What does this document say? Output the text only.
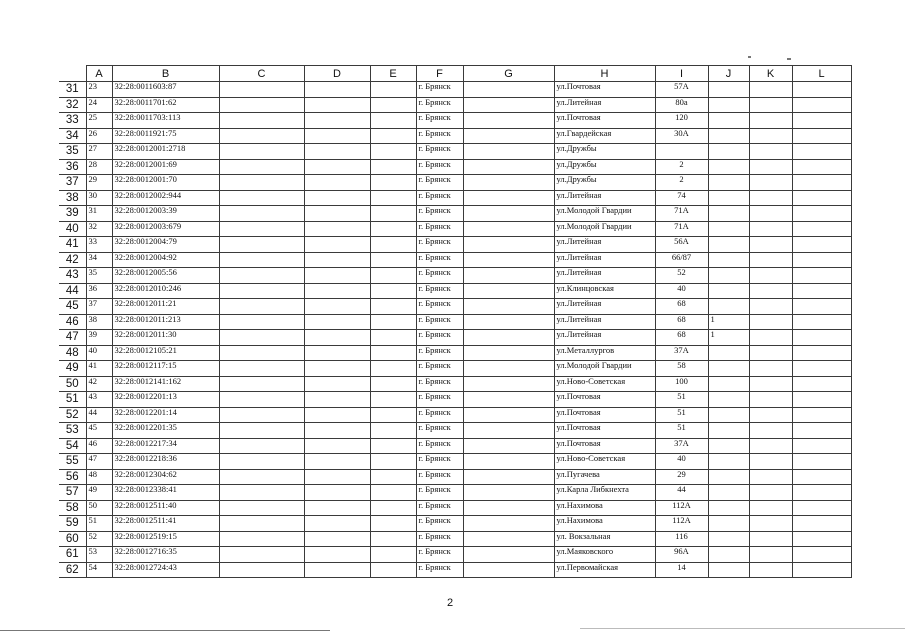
	A	B	C	D	E	F	G	H	I	J	K	L
31	23	32:28:0011603:87				г. Брянск		ул.Почтовая	57А			
32	24	32:28:0011701:62				г. Брянск		ул.Литейная	80а			
33	25	32:28:0011703:113				г. Брянск		ул.Почтовая	120			
34	26	32:28:0011921:75				г. Брянск		ул.Гвардейская	30А			
35	27	32:28:0012001:2718				г. Брянск		ул.Дружбы				
36	28	32:28:0012001:69				г. Брянск		ул.Дружбы	2			
37	29	32:28:0012001:70				г. Брянск		ул.Дружбы	2			
38	30	32:28:0012002:944				г. Брянск		ул.Литейная	74			
39	31	32:28:0012003:39				г. Брянск		ул.Молодой Гвардии	71А			
40	32	32:28:0012003:679				г. Брянск		ул.Молодой Гвардии	71А			
41	33	32:28:0012004:79				г. Брянск		ул.Литейная	56А			
42	34	32:28:0012004:92				г. Брянск		ул.Литейная	66/87			
43	35	32:28:0012005:56				г. Брянск		ул.Литейная	52			
44	36	32:28:0012010:246				г. Брянск		ул.Клинцовская	40			
45	37	32:28:0012011:21				г. Брянск		ул.Литейная	68			
46	38	32:28:0012011:213				г. Брянск		ул.Литейная	68	1		
47	39	32:28:0012011:30				г. Брянск		ул.Литейная	68	1		
48	40	32:28:0012105:21				г. Брянск		ул.Металлургов	37А			
49	41	32:28:0012117:15				г. Брянск		ул.Молодой Гвардии	58			
50	42	32:28:0012141:162				г. Брянск		ул.Ново-Советская	100			
51	43	32:28:0012201:13				г. Брянск		ул.Почтовая	51			
52	44	32:28:0012201:14				г. Брянск		ул.Почтовая	51			
53	45	32:28:0012201:35				г. Брянск		ул.Почтовая	51			
54	46	32:28:0012217:34				г. Брянск		ул.Почтовая	37А			
55	47	32:28:0012218:36				г. Брянск		ул.Ново-Советская	40			
56	48	32:28:0012304:62				г. Брянск		ул.Пугачева	29			
57	49	32:28:0012338:41				г. Брянск		ул.Карла Либкнехта	44			
58	50	32:28:0012511:40				г. Брянск		ул.Нахимова	112А			
59	51	32:28:0012511:41				г. Брянск		ул.Нахимова	112А			
60	52	32:28:0012519:15				г. Брянск		ул. Вокзальная	116			
61	53	32:28:0012716:35				г. Брянск		ул.Маяковского	96А			
62	54	32:28:0012724:43				г. Брянск		ул.Первомайская	14			
2
